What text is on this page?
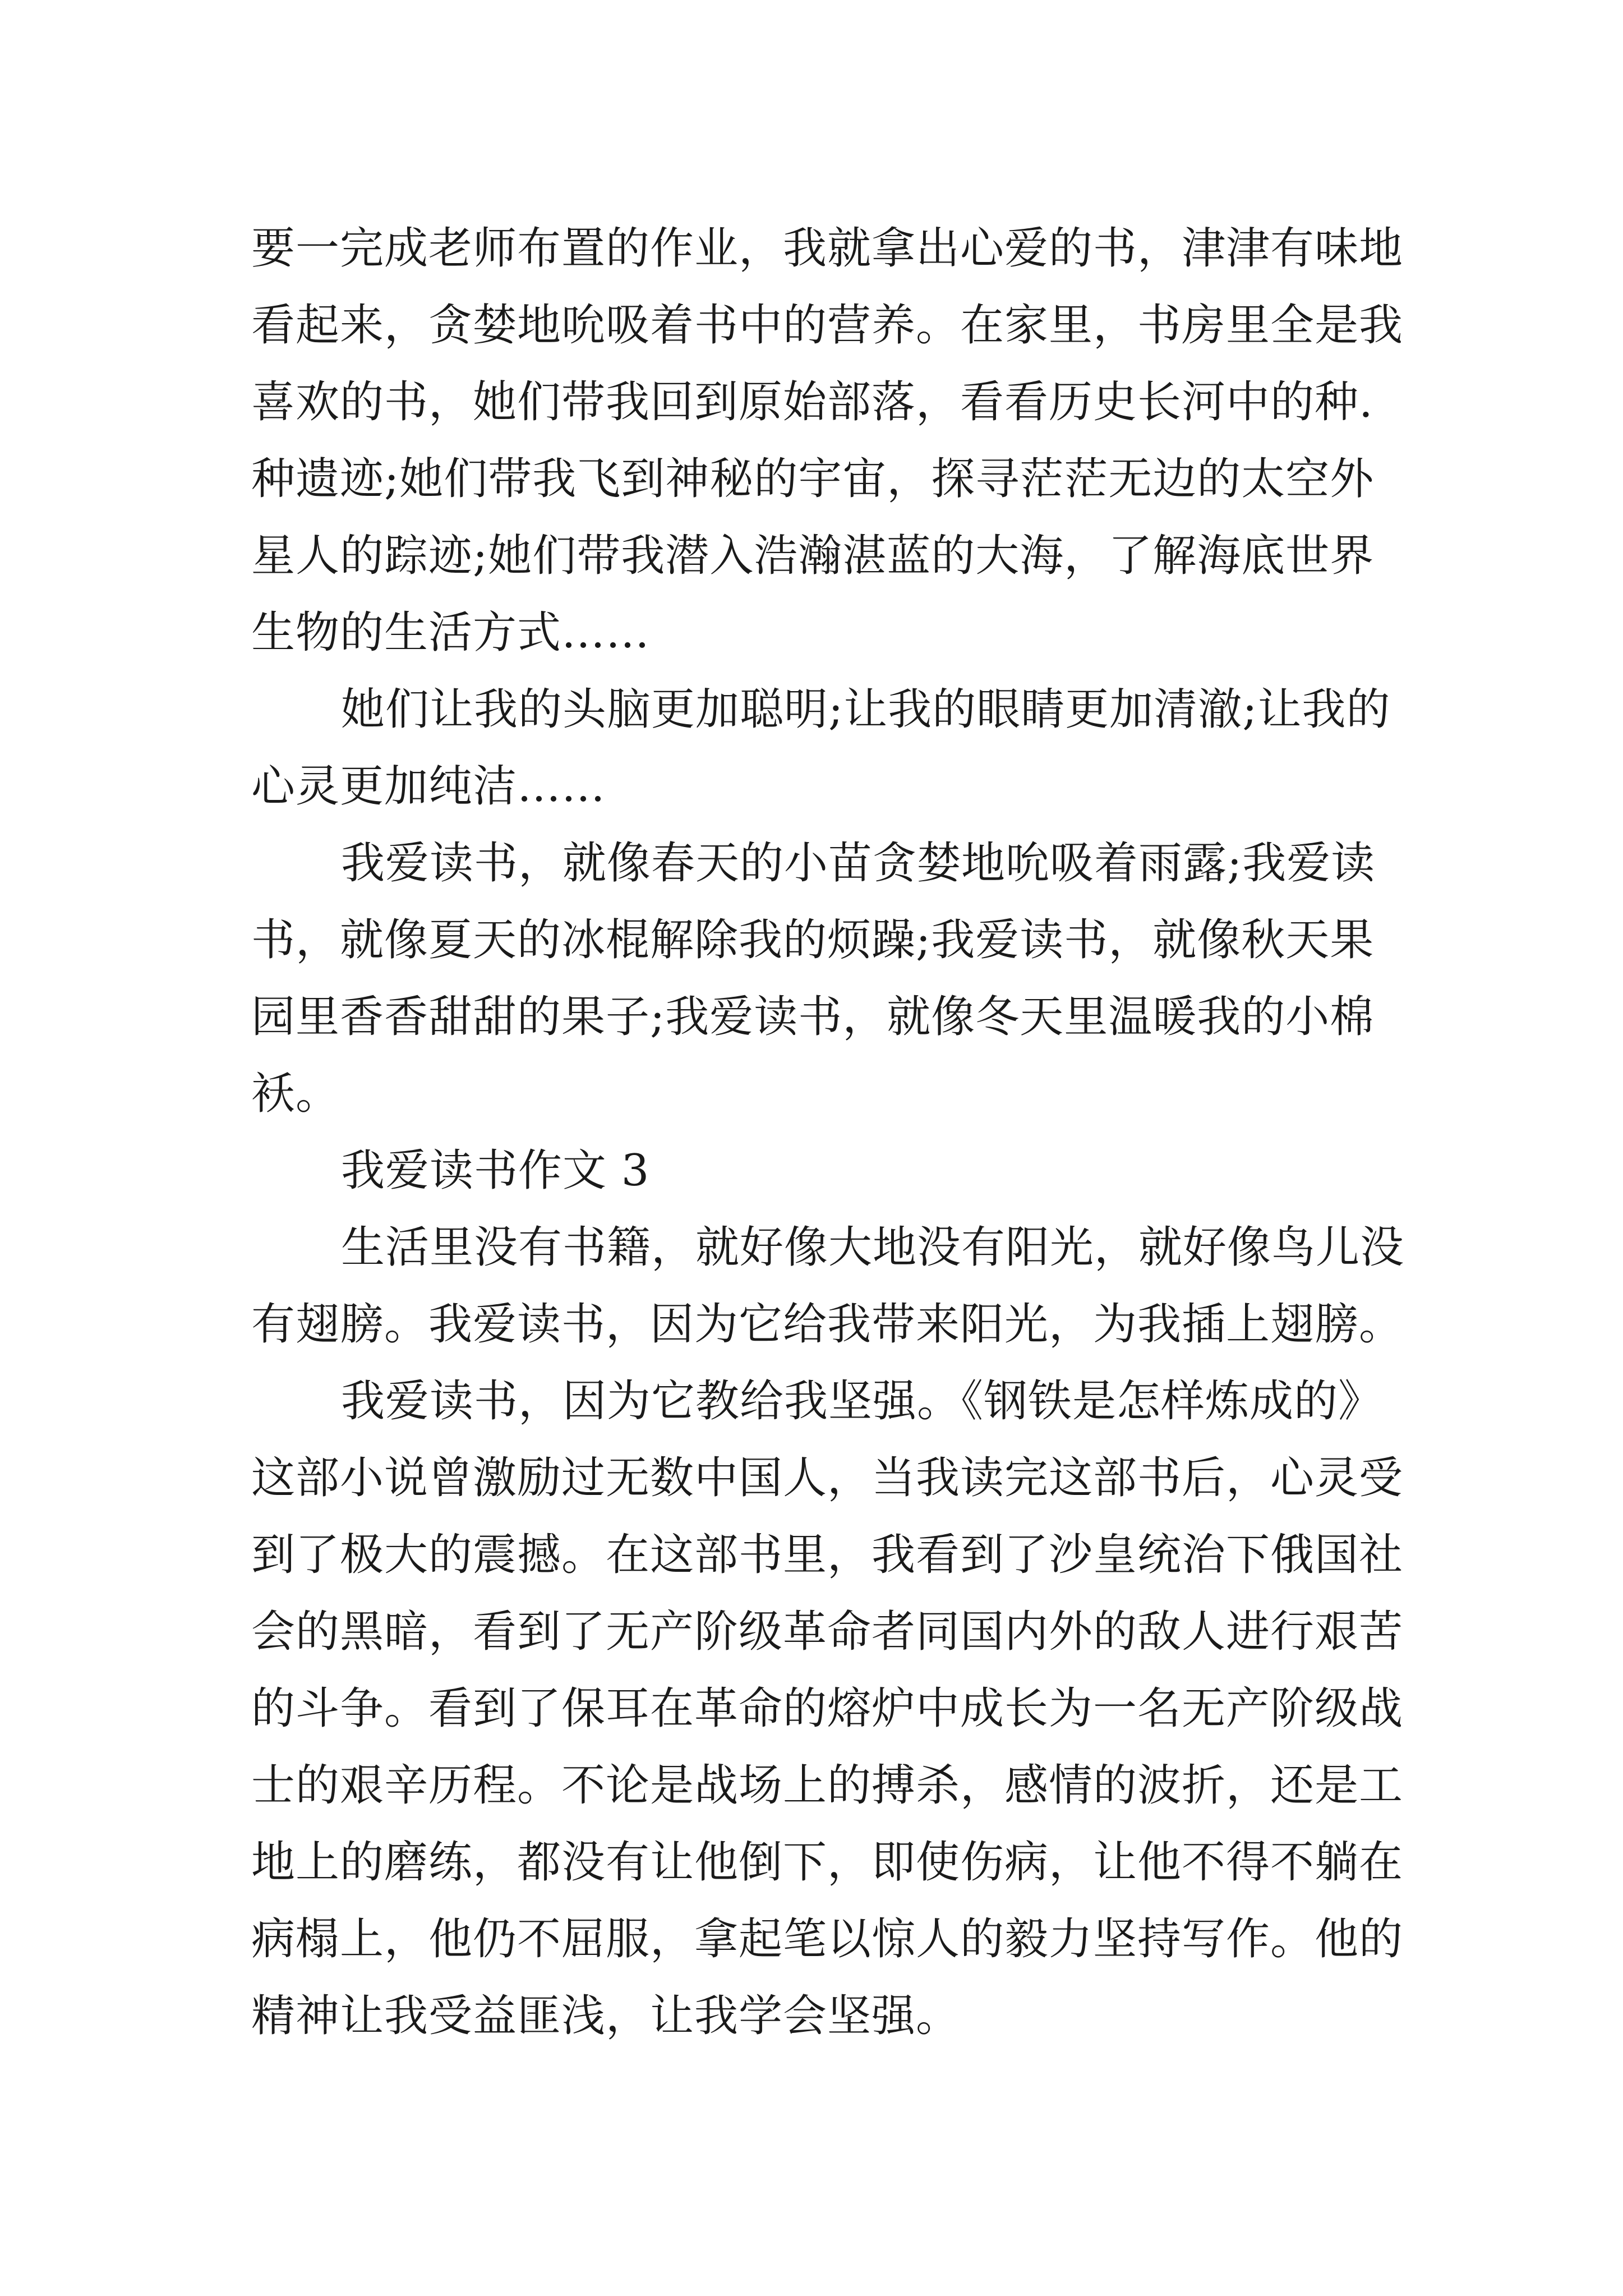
要一完成老师布置的作业，我就拿出心爱的书，津津有味地
看起来，贪婪地吮吸着书中的营养。在家里，书房里全是我
喜欢的书，她们带我回到原始部落，看看历史长河中的种.
种遗迹;她们带我飞到神秘的宇宙，探寻茫茫无边的太空外
星人的踪迹;她们带我潜入浩瀚湛蓝的大海，了解海底世界
生物的生活方式……
她们让我的头脑更加聪明;让我的眼睛更加清澈;让我的
心灵更加纯洁……
我爱读书，就像春天的小苗贪婪地吮吸着雨露;我爱读
书，就像夏天的冰棍解除我的烦躁;我爱读书，就像秋天果
园里香香甜甜的果子;我爱读书，就像冬天里温暖我的小棉
袄。
我爱读书作文 3
生活里没有书籍，就好像大地没有阳光，就好像鸟儿没
有翅膀。我爱读书，因为它给我带来阳光，为我插上翅膀。
我爱读书，因为它教给我坚强。《钢铁是怎样炼成的》
这部小说曾激励过无数中国人，当我读完这部书后，心灵受
到了极大的震撼。在这部书里，我看到了沙皇统治下俄国社
会的黑暗，看到了无产阶级革命者同国内外的敌人进行艰苦
的斗争。看到了保耳在革命的熔炉中成长为一名无产阶级战
士的艰辛历程。不论是战场上的搏杀，感情的波折，还是工
地上的磨练，都没有让他倒下，即使伤病，让他不得不躺在
病榻上，他仍不屈服，拿起笔以惊人的毅力坚持写作。他的
精神让我受益匪浅，让我学会坚强。
